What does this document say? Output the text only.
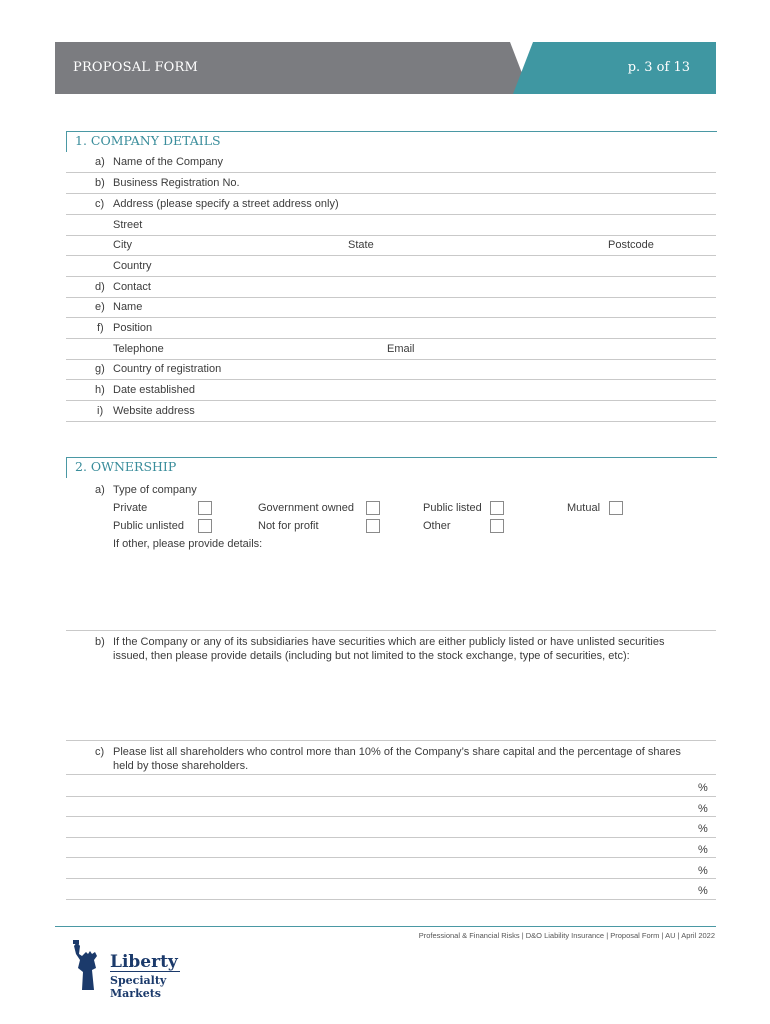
PROPOSAL FORM	p. 3 of 13
1. COMPANY DETAILS
a) Name of the Company
b) Business Registration No.
c) Address (please specify a street address only)
Street
City	State	Postcode
Country
d) Contact
e) Name
f) Position
Telephone	Email
g) Country of registration
h) Date established
i) Website address
2. OWNERSHIP
a) Type of company
Private	Government owned	Public listed	Mutual
Public unlisted	Not for profit	Other
If other, please provide details:
b) If the Company or any of its subsidiaries have securities which are either publicly listed or have unlisted securities
issued, then please provide details (including but not limited to the stock exchange, type of securities, etc):
c) Please list all shareholders who control more than 10% of the Company’s share capital and the percentage of shares
held by those shareholders.
%
%
%
%
%
%
Professional & Financial Risks | D&O Liability Insurance | Proposal Form | AU | April 2022
Liberty
Specialty Markets
